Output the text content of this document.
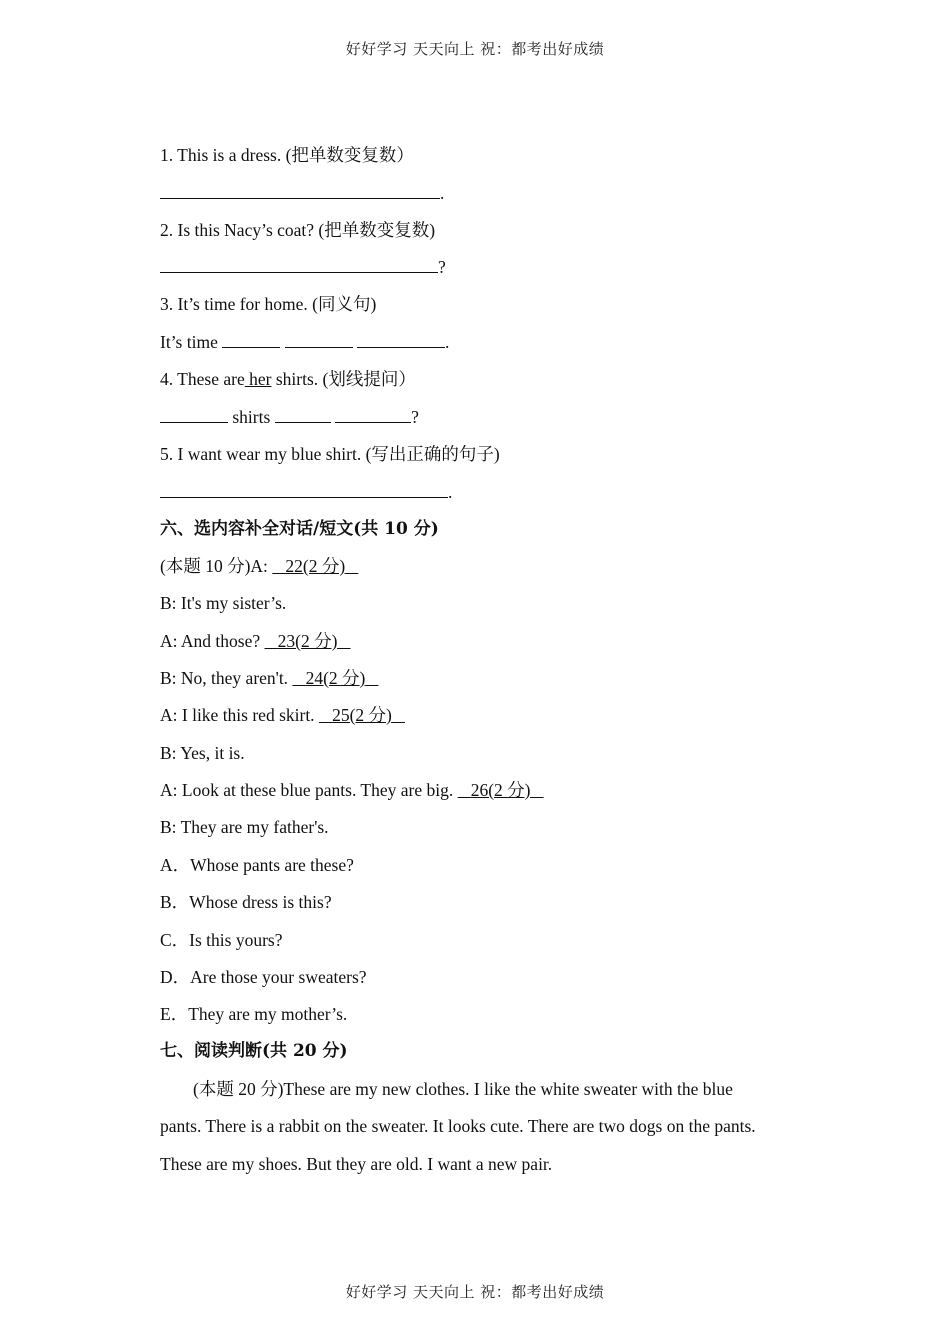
好好学习 天天向上 祝：都考出好成绩
1. This is a dress. (把单数变复数）
.
2. Is this Nacy’s coat? (把单数变复数)
?
3. It’s time for home. (同义句)
It’s time	.
4. These are her shirts. (划线提问）
shirts	?
5. I want wear my blue shirt. (写出正确的句子)
.
六、选内容补全对话/短文(共 10 分)
(本题 10 分)A:    22(2 分)
B: It's my sister’s.
A: And those?    23(2 分)
B: No, they aren't.    24(2 分)
A: I like this red skirt.    25(2 分)
B: Yes, it is.
A: Look at these blue pants. They are big.    26(2 分)
B: They are my father's.
A．Whose pants are these?
B．Whose dress is this?
C．Is this yours?
D．Are those your sweaters?
E．They are my mother’s.
七、阅读判断(共 20 分)
(本题 20 分)These are my new clothes. I like the white sweater with the blue
pants. There is a rabbit on the sweater. It looks cute. There are two dogs on the pants.
These are my shoes. But they are old. I want a new pair.
好好学习 天天向上 祝：都考出好成绩
